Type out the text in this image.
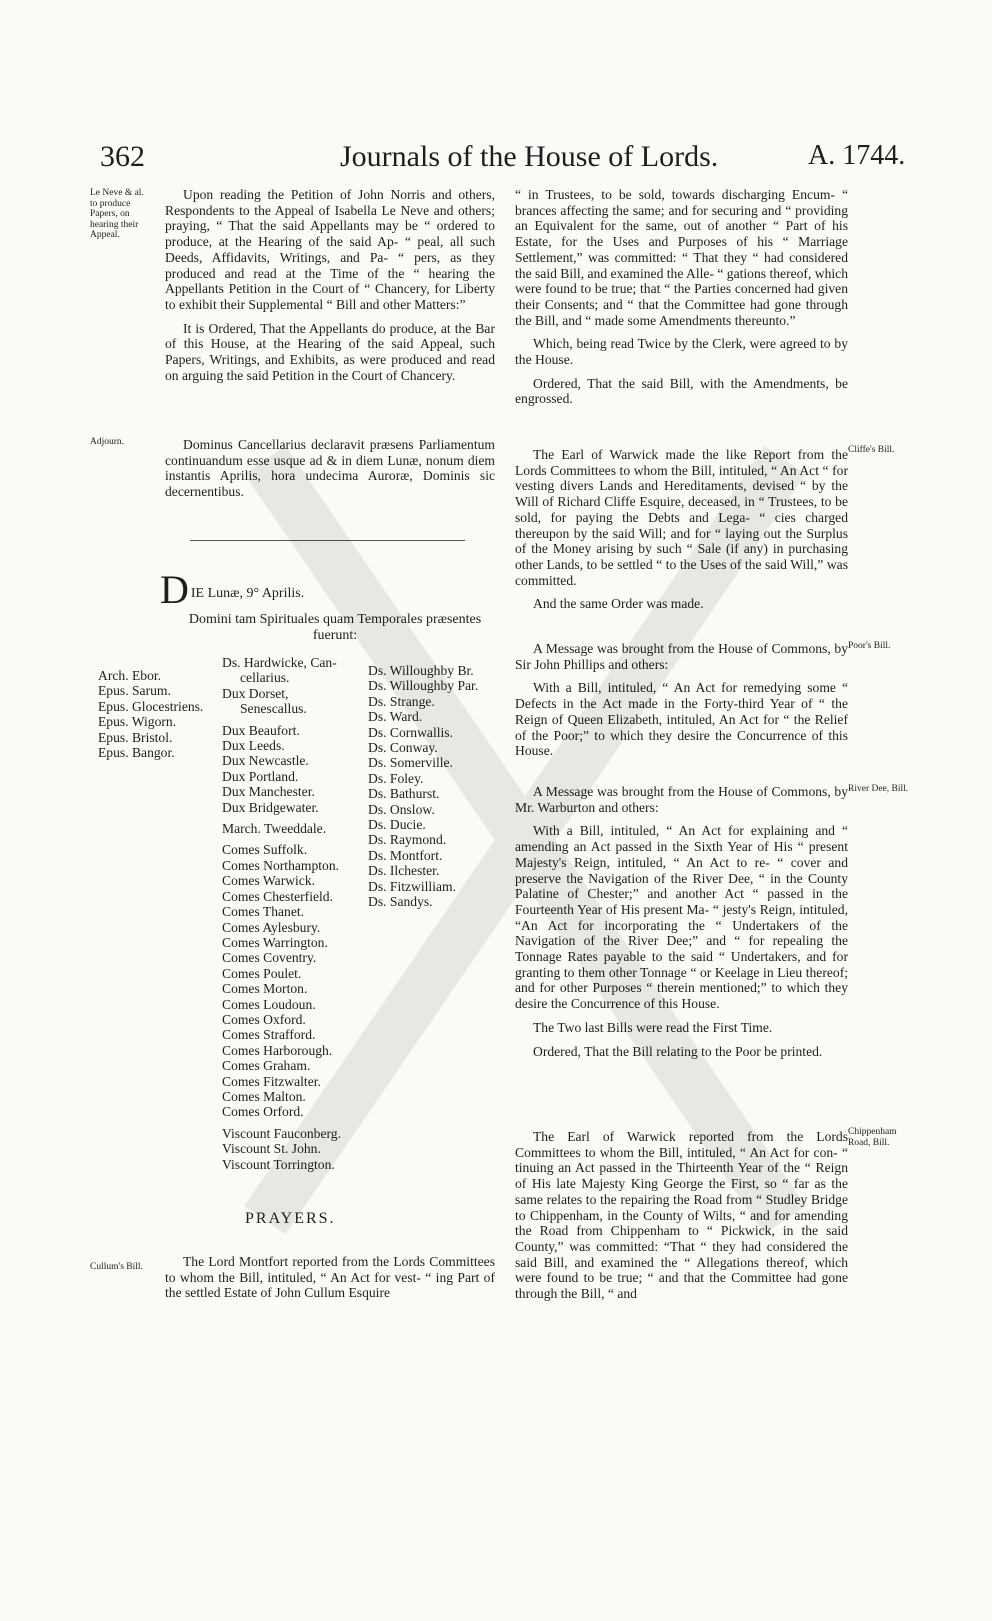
362	Journals of the House of Lords.	A. 1744.
Le Neve & al. to produce Papers, on hearing their Appeal.

Upon reading the Petition of John Norris and others, Respondents to the Appeal of Isabella Le Neve and others; praying, “ That the said Appellants may be “ ordered to produce, at the Hearing of the said Ap- “ peal, all such Deeds, Affidavits, Writings, and Pa- “ pers, as they produced and read at the Time of the “ hearing the Appellants Petition in the Court of “ Chancery, for Liberty to exhibit their Supplemental “ Bill and other Matters:”

It is Ordered, That the Appellants do produce, at the Bar of this House, at the Hearing of the said Appeal, such Papers, Writings, and Exhibits, as were produced and read on arguing the said Petition in the Court of Chancery.

Adjourn.	Dominus Cancellarius declaravit præsens Parliamentum continuandum esse usque ad & in diem Lunæ, nonum diem instantis Aprilis, hora undecima Auroræ, Dominis sic decernentibus.

DIE Lunæ, 9° Aprilis.
Domini tam Spirituales quam Temporales præsentes fuerunt:
Arch. Ebor.
Epus. Sarum.
Epus. Glocestriens.
Epus. Wigorn.
Epus. Bristol.
Epus. Bangor.
Ds. Hardwicke, Can-
cellarius.
Dux Dorset,
Senescallus.
Dux Beaufort.
Dux Leeds.
Dux Newcastle.
Dux Portland.
Dux Manchester.
Dux Bridgewater.
March. Tweeddale.
Comes Suffolk.
Comes Northampton.
Comes Warwick.
Comes Chesterfield.
Comes Thanet.
Comes Aylesbury.
Comes Warrington.
Comes Coventry.
Comes Poulet.
Comes Morton.
Comes Loudoun.
Comes Oxford.
Comes Strafford.
Comes Harborough.
Comes Graham.
Comes Fitzwalter.
Comes Malton.
Comes Orford.
Viscount Fauconberg.
Viscount St. John.
Viscount Torrington.
Ds. Willoughby Br.
Ds. Willoughby Par.
Ds. Strange.
Ds. Ward.
Ds. Cornwallis.
Ds. Conway.
Ds. Somerville.
Ds. Foley.
Ds. Bathurst.
Ds. Onslow.
Ds. Ducie.
Ds. Raymond.
Ds. Montfort.
Ds. Ilchester.
Ds. Fitzwilliam.
Ds. Sandys.
PRAYERS.
Cullum's Bill.	The Lord Montfort reported from the Lords Committees to whom the Bill, intituled, “ An Act for vest- “ ing Part of the settled Estate of John Cullum Esquire

“ in Trustees, to be sold, towards discharging Encum- “ brances affecting the same; and for securing and “ providing an Equivalent for the same, out of another “ Part of his Estate, for the Uses and Purposes of his “ Marriage Settlement,” was committed: “ That they “ had considered the said Bill, and examined the Alle- “ gations thereof, which were found to be true; that “ the Parties concerned had given their Consents; and “ that the Committee had gone through the Bill, and “ made some Amendments thereunto.”

Which, being read Twice by the Clerk, were agreed to by the House.

Ordered, That the said Bill, with the Amendments, be engrossed.

Cliffe's Bill.

The Earl of Warwick made the like Report from the Lords Committees to whom the Bill, intituled, “ An Act “ for vesting divers Lands and Hereditaments, devised “ by the Will of Richard Cliffe Esquire, deceased, in “ Trustees, to be sold, for paying the Debts and Lega- “ cies charged thereupon by the said Will; and for “ laying out the Surplus of the Money arising by such “ Sale (if any) in purchasing other Lands, to be settled “ to the Uses of the said Will,” was committed.

And the same Order was made.

Poor's Bill.

A Message was brought from the House of Commons, by Sir John Phillips and others:

With a Bill, intituled, “ An Act for remedying some “ Defects in the Act made in the Forty-third Year of “ the Reign of Queen Elizabeth, intituled, An Act for “ the Relief of the Poor;” to which they desire the Concurrence of this House.

River Dee, Bill.

A Message was brought from the House of Commons, by Mr. Warburton and others:

With a Bill, intituled, “ An Act for explaining and “ amending an Act passed in the Sixth Year of His “ present Majesty's Reign, intituled, “ An Act to re- “ cover and preserve the Navigation of the River Dee, “ in the County Palatine of Chester;” and another Act “ passed in the Fourteenth Year of His present Ma- “ jesty's Reign, intituled, “An Act for incorporating the “ Undertakers of the Navigation of the River Dee;” and “ for repealing the Tonnage Rates payable to the said “ Undertakers, and for granting to them other Tonnage “ or Keelage in Lieu thereof; and for other Purposes “ therein mentioned;” to which they desire the Concurrence of this House.

The Two last Bills were read the First Time.

Ordered, That the Bill relating to the Poor be printed.

Chippenham Road, Bill.

The Earl of Warwick reported from the Lords Committees to whom the Bill, intituled, “ An Act for con- “ tinuing an Act passed in the Thirteenth Year of the “ Reign of His late Majesty King George the First, so “ far as the same relates to the repairing the Road from “ Studley Bridge to Chippenham, in the County of Wilts, “ and for amending the Road from Chippenham to “ Pickwick, in the said County,” was committed: “That “ they had considered the said Bill, and examined the “ Allegations thereof, which were found to be true; “ and that the Committee had gone through the Bill, “ and
